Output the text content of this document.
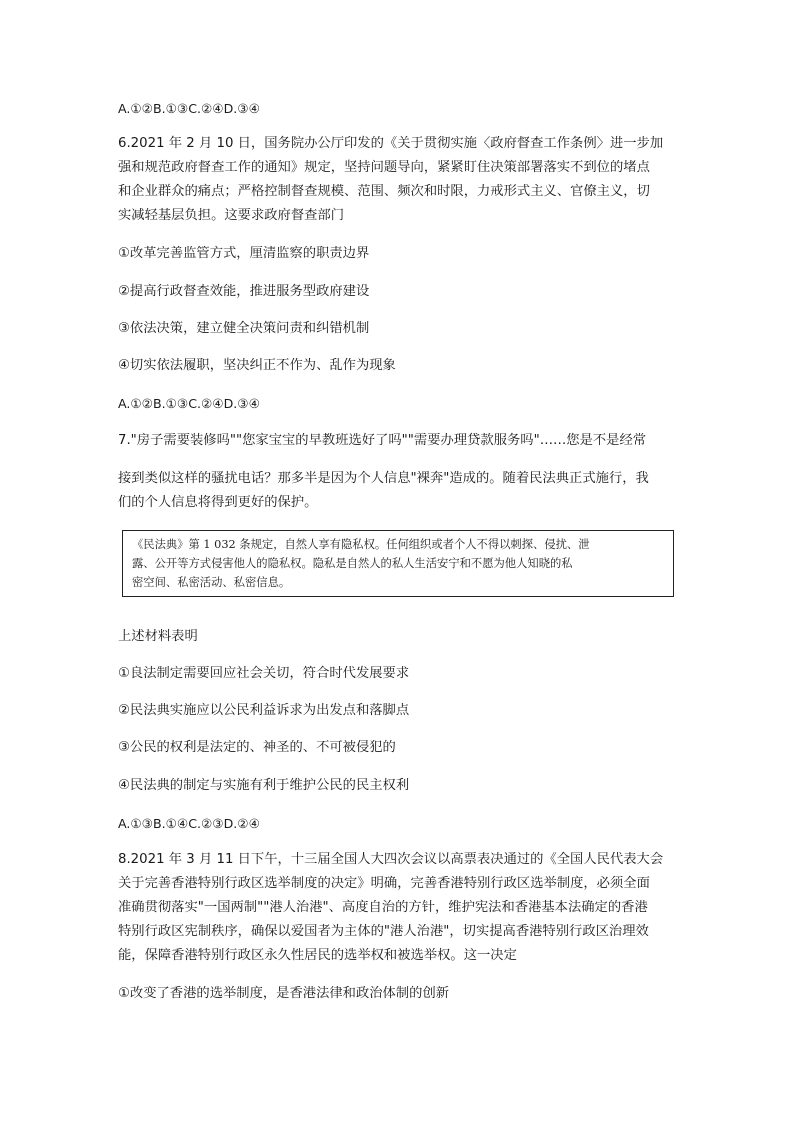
A.①②B.①③C.②④D.③④
6.2021 年 2 月 10 日，国务院办公厅印发的《关于贯彻实施〈政府督查工作条例〉进一步加
强和规范政府督查工作的通知》规定，坚持问题导向，紧紧盯住决策部署落实不到位的堵点
和企业群众的痛点；严格控制督查规模、范围、频次和时限，力戒形式主义、官僚主义，切
实减轻基层负担。这要求政府督查部门
①改革完善监管方式，厘清监察的职责边界
②提高行政督查效能，推进服务型政府建设
③依法决策，建立健全决策问责和纠错机制
④切实依法履职，坚决纠正不作为、乱作为现象
A.①②B.①③C.②④D.③④
7."房子需要装修吗""您家宝宝的早教班选好了吗""需要办理贷款服务吗"……您是不是经常
接到类似这样的骚扰电话？那多半是因为个人信息"裸奔"造成的。随着民法典正式施行，我
们的个人信息将得到更好的保护。
《民法典》第 1 032 条规定，自然人享有隐私权。任何组织或者个人不得以刺探、侵扰、泄
露、公开等方式侵害他人的隐私权。隐私是自然人的私人生活安宁和不愿为他人知晓的私
密空间、私密活动、私密信息。
上述材料表明
①良法制定需要回应社会关切，符合时代发展要求
②民法典实施应以公民利益诉求为出发点和落脚点
③公民的权利是法定的、神圣的、不可被侵犯的
④民法典的制定与实施有利于维护公民的民主权利
A.①③B.①④C.②③D.②④
8.2021 年 3 月 11 日下午，十三届全国人大四次会议以高票表决通过的《全国人民代表大会
关于完善香港特别行政区选举制度的决定》明确，完善香港特别行政区选举制度，必须全面
准确贯彻落实"一国两制""港人治港"、高度自治的方针，维护宪法和香港基本法确定的香港
特别行政区宪制秩序，确保以爱国者为主体的"港人治港"，切实提高香港特别行政区治理效
能，保障香港特别行政区永久性居民的选举权和被选举权。这一决定
①改变了香港的选举制度，是香港法律和政治体制的创新
